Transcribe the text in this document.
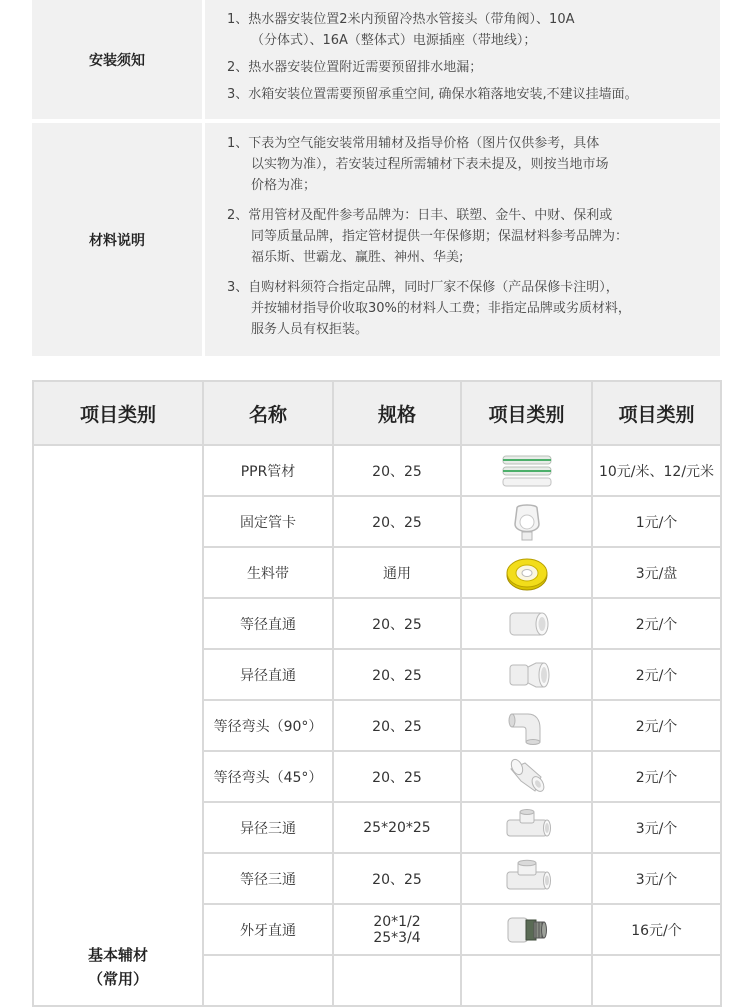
安装须知
1、热水器安装位置2米内预留冷热水管接头（带角阀）、10A
（分体式）、16A（整体式）电源插座（带地线）；
2、热水器安装位置附近需要预留排水地漏；
3、水箱安装位置需要预留承重空间, 确保水箱落地安装,不建议挂墙面。
材料说明
1、下表为空气能安装常用辅材及指导价格（图片仅供参考，具体
以实物为准），若安装过程所需辅材下表未提及，则按当地市场
价格为准；
2、常用管材及配件参考品牌为：日丰、联塑、金牛、中财、保利或
同等质量品牌，指定管材提供一年保修期；保温材料参考品牌为：
福乐斯、世霸龙、赢胜、神州、华美;
3、自购材料须符合指定品牌，同时厂家不保修（产品保修卡注明），
并按辅材指导价收取30%的材料人工费；非指定品牌或劣质材料，
服务人员有权拒装。
项目类别	名称	规格	项目类别	项目类别

基本辅材
（常用）	PPR管材	20、25		10元/米、12/元米
	固定管卡	20、25		1元/个
	生料带	通用		3元/盘
	等径直通	20、25		2元/个
	异径直通	20、25		2元/个
	等径弯头（90°）	20、25		2元/个
	等径弯头（45°）	20、25		2元/个
	异径三通	25*20*25		3元/个
	等径三通	20、25		3元/个
	外牙直通	20*1/2
25*3/4		16元/个
